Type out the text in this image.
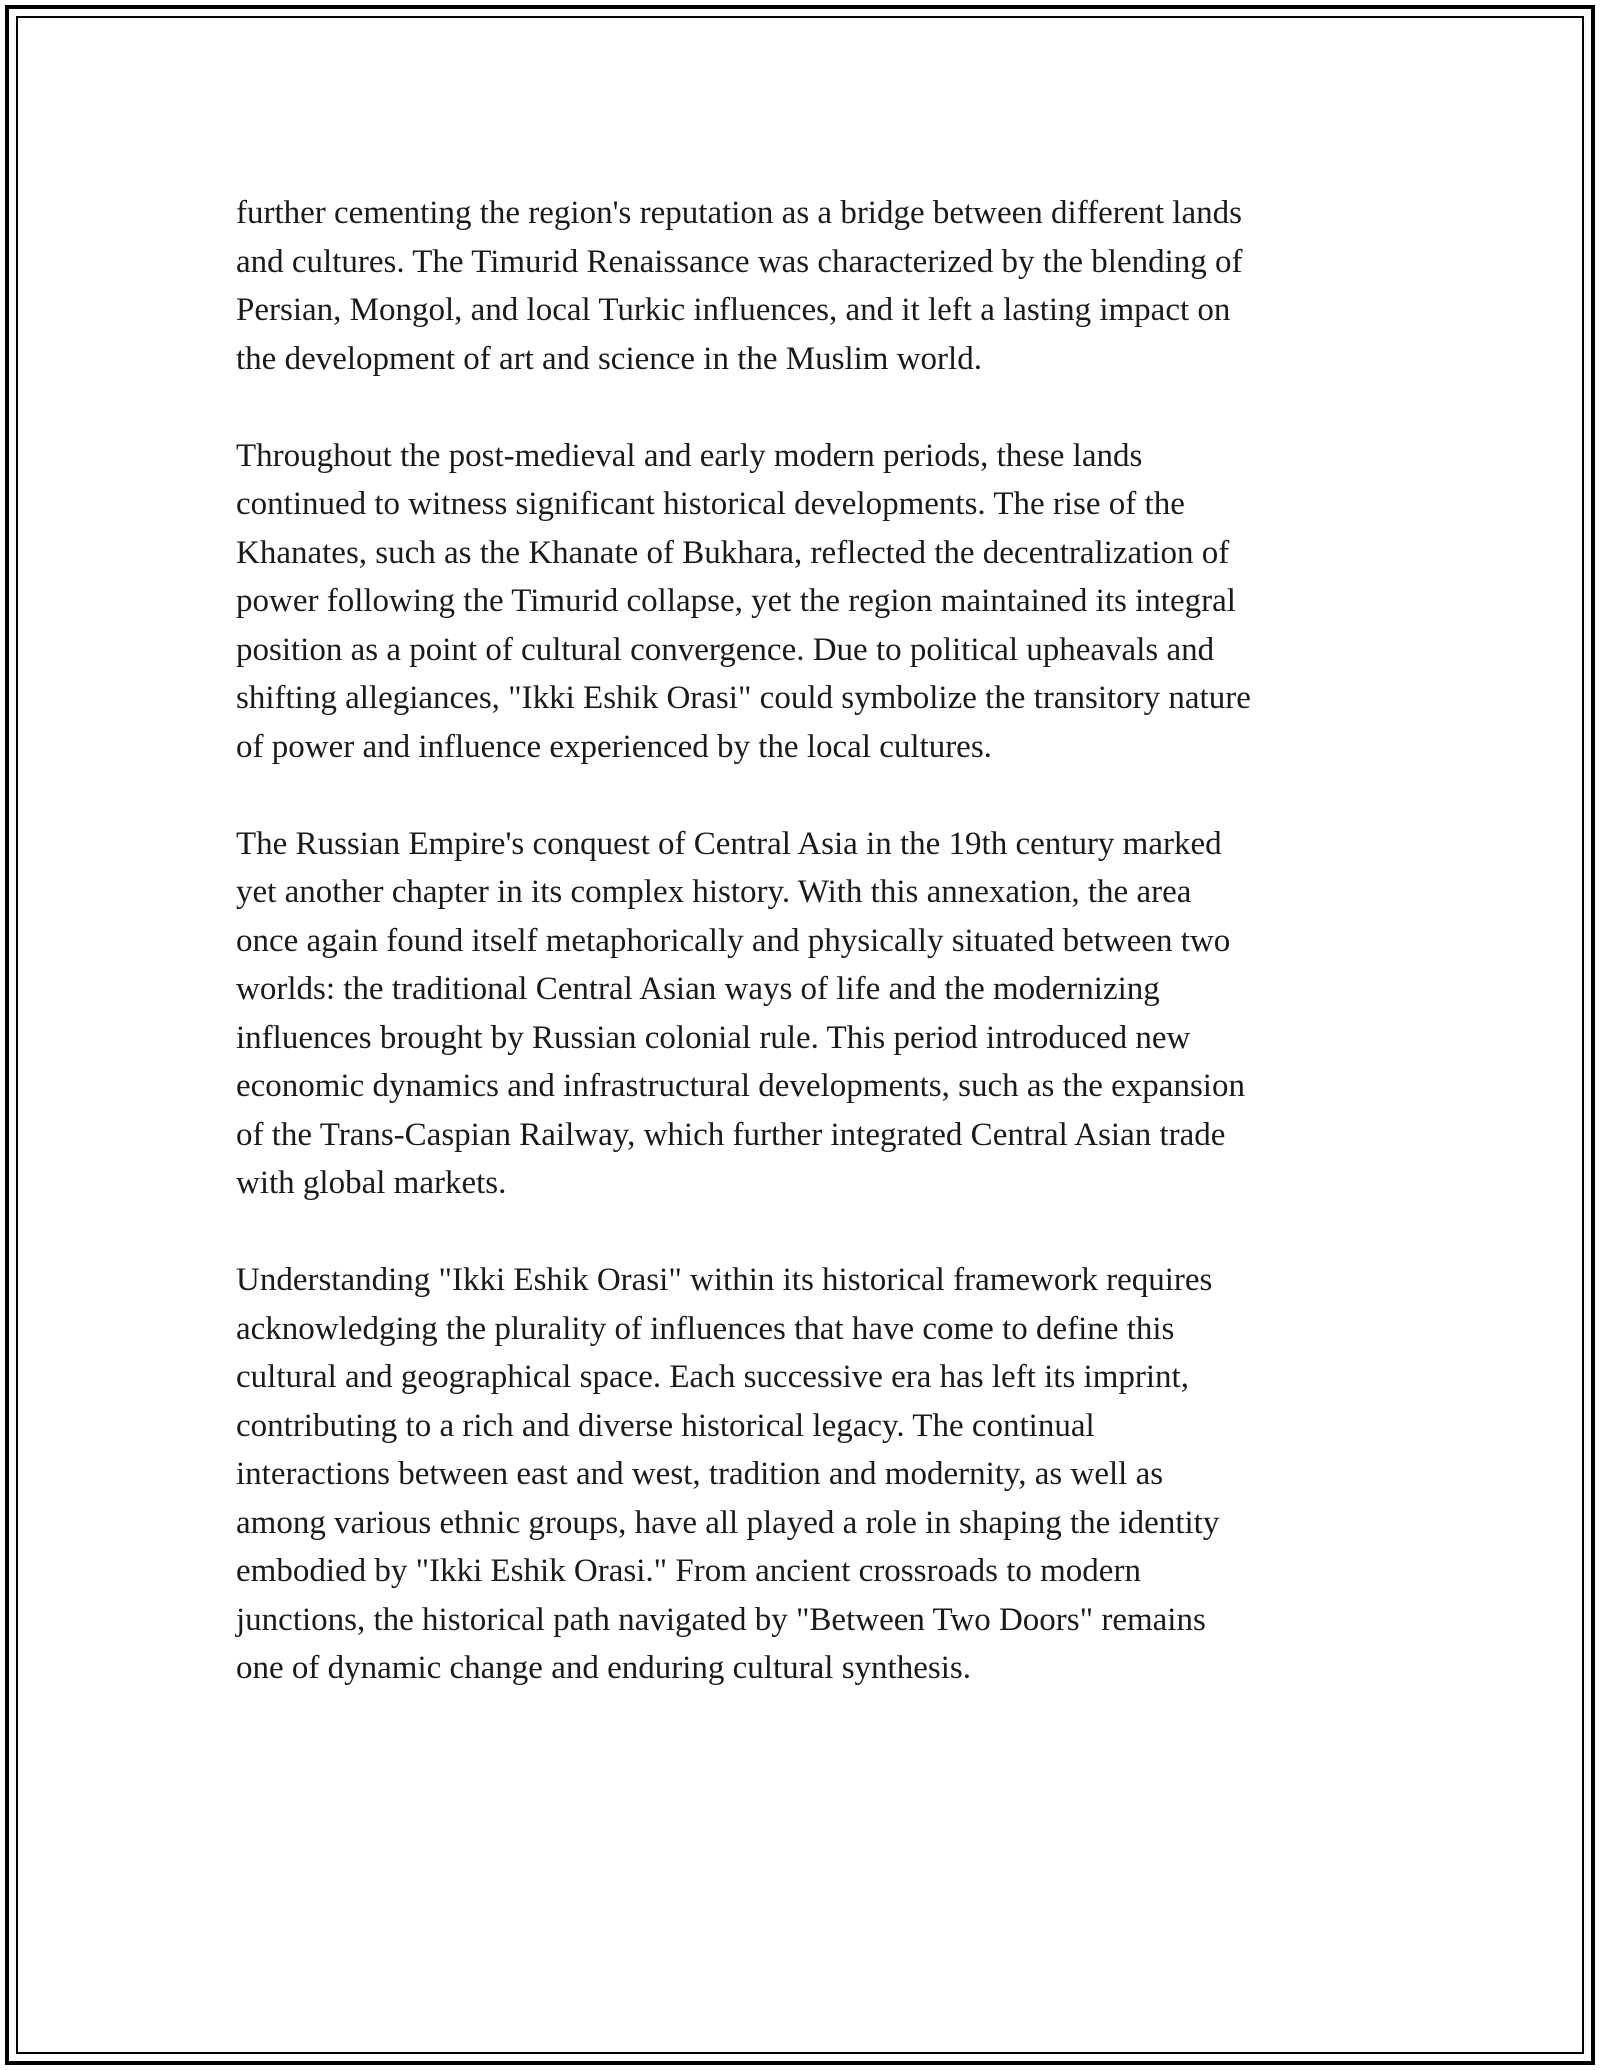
further cementing the region's reputation as a bridge between different lands
and cultures. The Timurid Renaissance was characterized by the blending of
Persian, Mongol, and local Turkic influences, and it left a lasting impact on
the development of art and science in the Muslim world.

Throughout the post-medieval and early modern periods, these lands
continued to witness significant historical developments. The rise of the
Khanates, such as the Khanate of Bukhara, reflected the decentralization of
power following the Timurid collapse, yet the region maintained its integral
position as a point of cultural convergence. Due to political upheavals and
shifting allegiances, "Ikki Eshik Orasi" could symbolize the transitory nature
of power and influence experienced by the local cultures.

The Russian Empire's conquest of Central Asia in the 19th century marked
yet another chapter in its complex history. With this annexation, the area
once again found itself metaphorically and physically situated between two
worlds: the traditional Central Asian ways of life and the modernizing
influences brought by Russian colonial rule. This period introduced new
economic dynamics and infrastructural developments, such as the expansion
of the Trans-Caspian Railway, which further integrated Central Asian trade
with global markets.

Understanding "Ikki Eshik Orasi" within its historical framework requires
acknowledging the plurality of influences that have come to define this
cultural and geographical space. Each successive era has left its imprint,
contributing to a rich and diverse historical legacy. The continual
interactions between east and west, tradition and modernity, as well as
among various ethnic groups, have all played a role in shaping the identity
embodied by "Ikki Eshik Orasi." From ancient crossroads to modern
junctions, the historical path navigated by "Between Two Doors" remains
one of dynamic change and enduring cultural synthesis.
